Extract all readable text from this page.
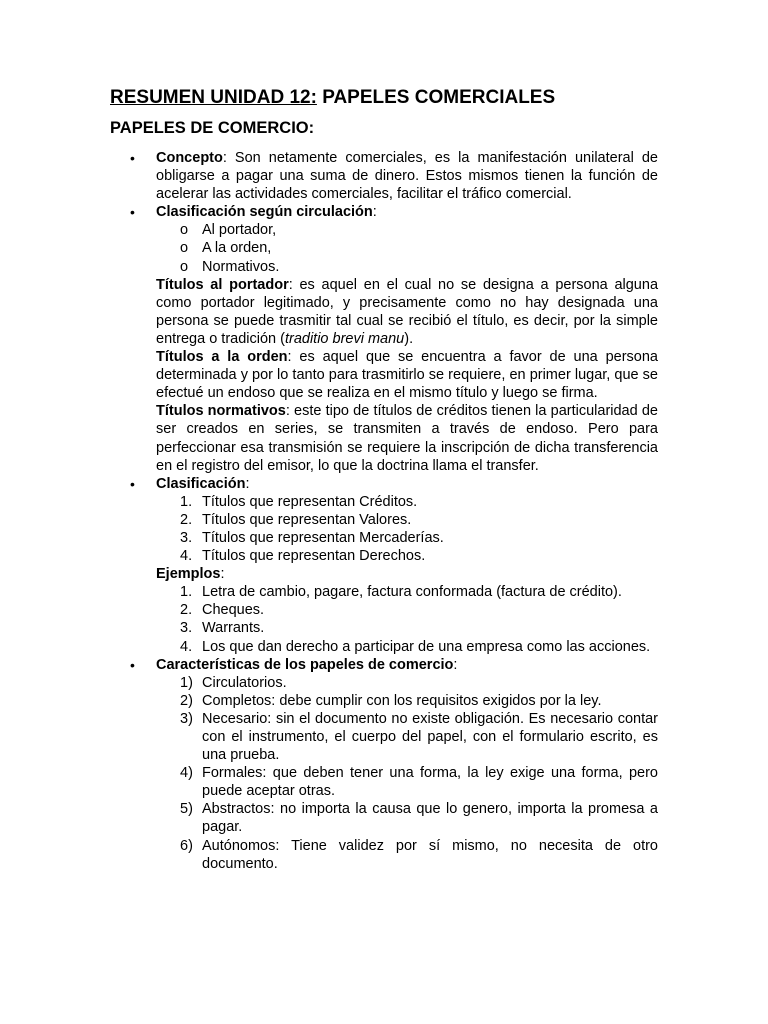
RESUMEN UNIDAD 12: PAPELES COMERCIALES
PAPELES DE COMERCIO:
• Concepto: Son netamente comerciales, es la manifestación unilateral de obligarse a pagar una suma de dinero. Estos mismos tienen la función de acelerar las actividades comerciales, facilitar el tráfico comercial.
• Clasificación según circulación:
o Al portador,
o A la orden,
o Normativos.

Títulos al portador: es aquel en el cual no se designa a persona alguna como portador legitimado, y precisamente como no hay designada una persona se puede trasmitir tal cual se recibió el título, es decir, por la simple entrega o tradición (traditio brevi manu).

Títulos a la orden: es aquel que se encuentra a favor de una persona determinada y por lo tanto para trasmitirlo se requiere, en primer lugar, que se efectué un endoso que se realiza en el mismo título y luego se firma.

Títulos normativos: este tipo de títulos de créditos tienen la particularidad de ser creados en series, se transmiten a través de endoso. Pero para perfeccionar esa transmisión se requiere la inscripción de dicha transferencia en el registro del emisor, lo que la doctrina llama el transfer.

• Clasificación:
1. Títulos que representan Créditos.
2. Títulos que representan Valores.
3. Títulos que representan Mercaderías.
4. Títulos que representan Derechos.

Ejemplos:

1. Letra de cambio, pagare, factura conformada (factura de crédito).
2. Cheques.
3. Warrants.
4. Los que dan derecho a participar de una empresa como las acciones.
• Características de los papeles de comercio:
1) Circulatorios.
2) Completos: debe cumplir con los requisitos exigidos por la ley.
3) Necesario: sin el documento no existe obligación. Es necesario contar con el instrumento, el cuerpo del papel, con el formulario escrito, es una prueba.
4) Formales: que deben tener una forma, la ley exige una forma, pero puede aceptar otras.
5) Abstractos: no importa la causa que lo genero, importa la promesa a pagar.
6) Autónomos: Tiene validez por sí mismo, no necesita de otro documento.
